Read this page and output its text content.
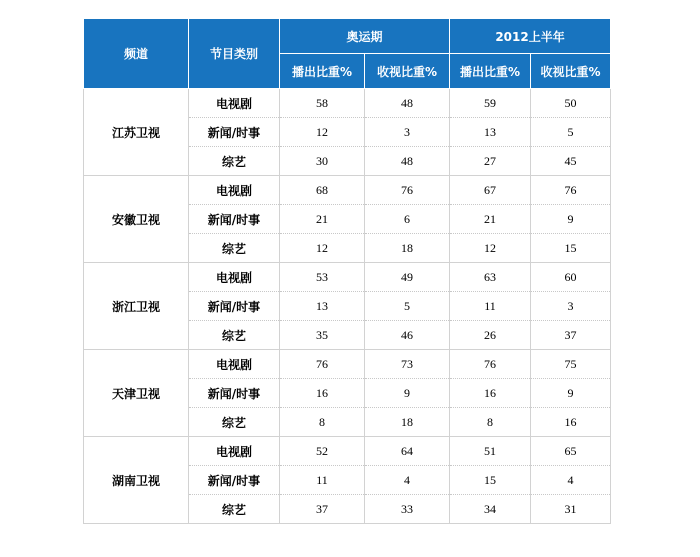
频道	节目类别	奥运期		2012上半年	
		播出比重%	收视比重%	播出比重%	收视比重%
江苏卫视	电视剧	58	48	59	50
	新闻/时事	12	3	13	5
	综艺	30	48	27	45
安徽卫视	电视剧	68	76	67	76
	新闻/时事	21	6	21	9
	综艺	12	18	12	15
浙江卫视	电视剧	53	49	63	60
	新闻/时事	13	5	11	3
	综艺	35	46	26	37
天津卫视	电视剧	76	73	76	75
	新闻/时事	16	9	16	9
	综艺	8	18	8	16
湖南卫视	电视剧	52	64	51	65
	新闻/时事	11	4	15	4
	综艺	37	33	34	31
